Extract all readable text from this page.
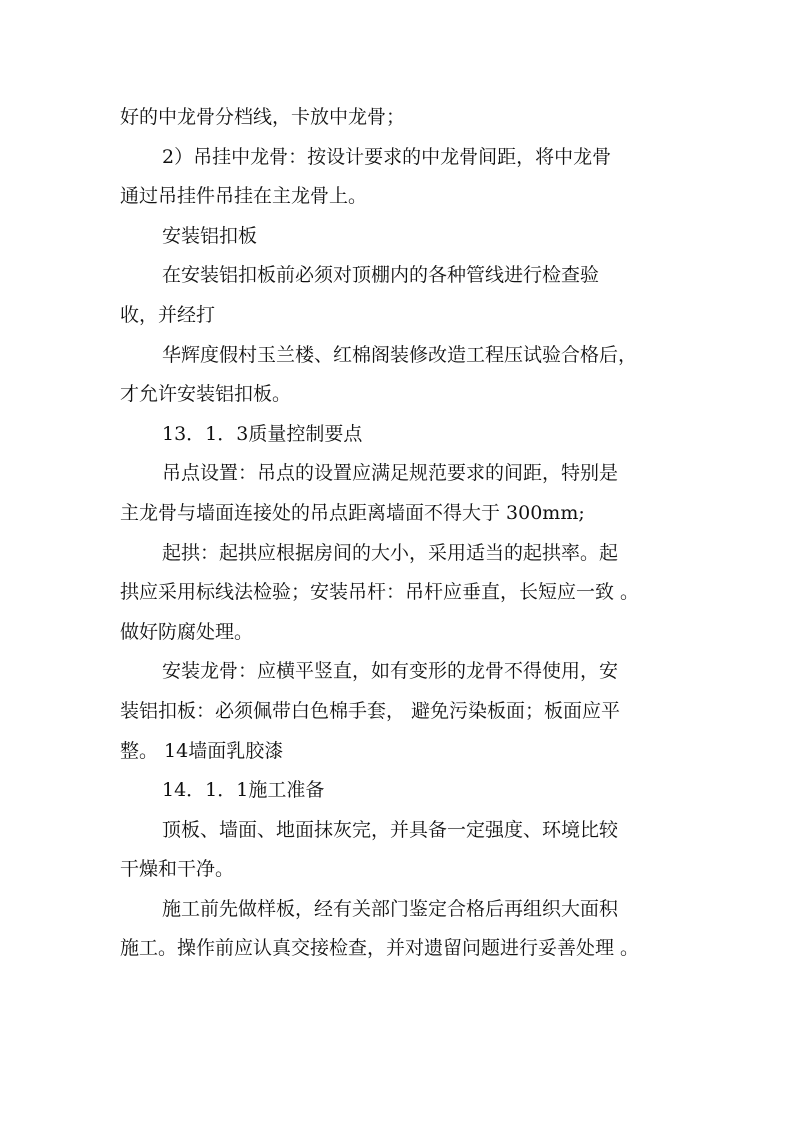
好的中龙骨分档线，卡放中龙骨；
2）吊挂中龙骨：按设计要求的中龙骨间距，将中龙骨
通过吊挂件吊挂在主龙骨上。
安装铝扣板
在安装铝扣板前必须对顶棚内的各种管线进行检查验
收，并经打
华辉度假村玉兰楼、红棉阁装修改造工程压试验合格后，
才允许安装铝扣板。
13．1．3质量控制要点
吊点设置：吊点的设置应满足规范要求的间距，特别是
主龙骨与墙面连接处的吊点距离墙面不得大于 300mm;
起拱：起拱应根据房间的大小，采用适当的起拱率。起
拱应采用标线法检验；安装吊杆：吊杆应垂直，长短应一致 。
做好防腐处理。
安装龙骨：应横平竖直，如有变形的龙骨不得使用，安
装铝扣板：必须佩带白色棉手套， 避免污染板面；板面应平
整。 14墙面乳胶漆
14．1．1施工准备
顶板、墙面、地面抹灰完，并具备一定强度、环境比较
干燥和干净。
施工前先做样板，经有关部门鉴定合格后再组织大面积
施工。操作前应认真交接检查，并对遗留问题进行妥善处理 。
